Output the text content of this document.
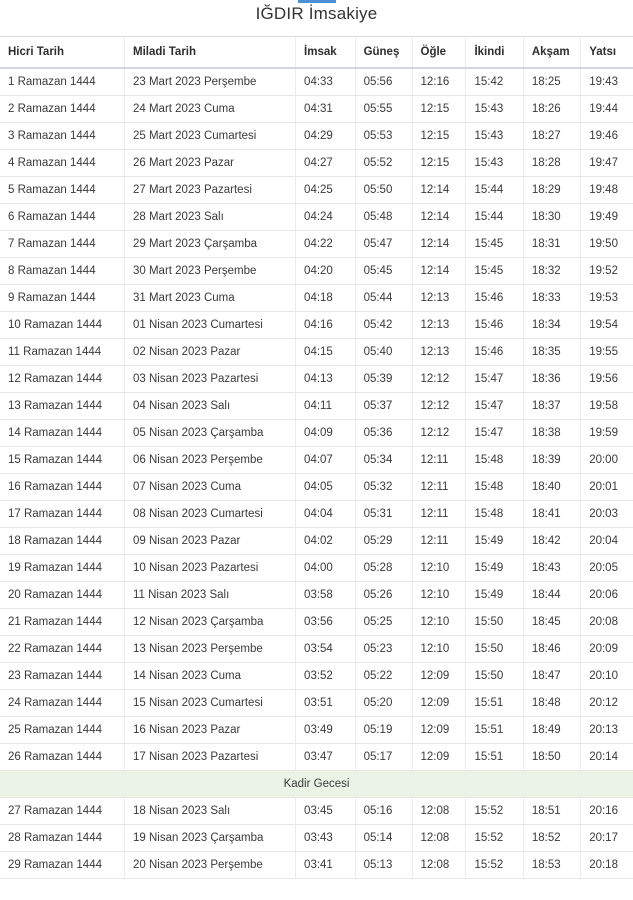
IĞDIR İmsakiye
Hicri Tarih	Miladi Tarih	İmsak	Güneş	Öğle	İkindi	Akşam	Yatsı
1 Ramazan 1444	23 Mart 2023 Perşembe	04:33	05:56	12:16	15:42	18:25	19:43
2 Ramazan 1444	24 Mart 2023 Cuma	04:31	05:55	12:15	15:43	18:26	19:44
3 Ramazan 1444	25 Mart 2023 Cumartesi	04:29	05:53	12:15	15:43	18:27	19:46
4 Ramazan 1444	26 Mart 2023 Pazar	04:27	05:52	12:15	15:43	18:28	19:47
5 Ramazan 1444	27 Mart 2023 Pazartesi	04:25	05:50	12:14	15:44	18:29	19:48
6 Ramazan 1444	28 Mart 2023 Salı	04:24	05:48	12:14	15:44	18:30	19:49
7 Ramazan 1444	29 Mart 2023 Çarşamba	04:22	05:47	12:14	15:45	18:31	19:50
8 Ramazan 1444	30 Mart 2023 Perşembe	04:20	05:45	12:14	15:45	18:32	19:52
9 Ramazan 1444	31 Mart 2023 Cuma	04:18	05:44	12:13	15:46	18:33	19:53
10 Ramazan 1444	01 Nisan 2023 Cumartesi	04:16	05:42	12:13	15:46	18:34	19:54
11 Ramazan 1444	02 Nisan 2023 Pazar	04:15	05:40	12:13	15:46	18:35	19:55
12 Ramazan 1444	03 Nisan 2023 Pazartesi	04:13	05:39	12:12	15:47	18:36	19:56
13 Ramazan 1444	04 Nisan 2023 Salı	04:11	05:37	12:12	15:47	18:37	19:58
14 Ramazan 1444	05 Nisan 2023 Çarşamba	04:09	05:36	12:12	15:47	18:38	19:59
15 Ramazan 1444	06 Nisan 2023 Perşembe	04:07	05:34	12:11	15:48	18:39	20:00
16 Ramazan 1444	07 Nisan 2023 Cuma	04:05	05:32	12:11	15:48	18:40	20:01
17 Ramazan 1444	08 Nisan 2023 Cumartesi	04:04	05:31	12:11	15:48	18:41	20:03
18 Ramazan 1444	09 Nisan 2023 Pazar	04:02	05:29	12:11	15:49	18:42	20:04
19 Ramazan 1444	10 Nisan 2023 Pazartesi	04:00	05:28	12:10	15:49	18:43	20:05
20 Ramazan 1444	11 Nisan 2023 Salı	03:58	05:26	12:10	15:49	18:44	20:06
21 Ramazan 1444	12 Nisan 2023 Çarşamba	03:56	05:25	12:10	15:50	18:45	20:08
22 Ramazan 1444	13 Nisan 2023 Perşembe	03:54	05:23	12:10	15:50	18:46	20:09
23 Ramazan 1444	14 Nisan 2023 Cuma	03:52	05:22	12:09	15:50	18:47	20:10
24 Ramazan 1444	15 Nisan 2023 Cumartesi	03:51	05:20	12:09	15:51	18:48	20:12
25 Ramazan 1444	16 Nisan 2023 Pazar	03:49	05:19	12:09	15:51	18:49	20:13
26 Ramazan 1444	17 Nisan 2023 Pazartesi	03:47	05:17	12:09	15:51	18:50	20:14
Kadir Gecesi							
27 Ramazan 1444	18 Nisan 2023 Salı	03:45	05:16	12:08	15:52	18:51	20:16
28 Ramazan 1444	19 Nisan 2023 Çarşamba	03:43	05:14	12:08	15:52	18:52	20:17
29 Ramazan 1444	20 Nisan 2023 Perşembe	03:41	05:13	12:08	15:52	18:53	20:18
